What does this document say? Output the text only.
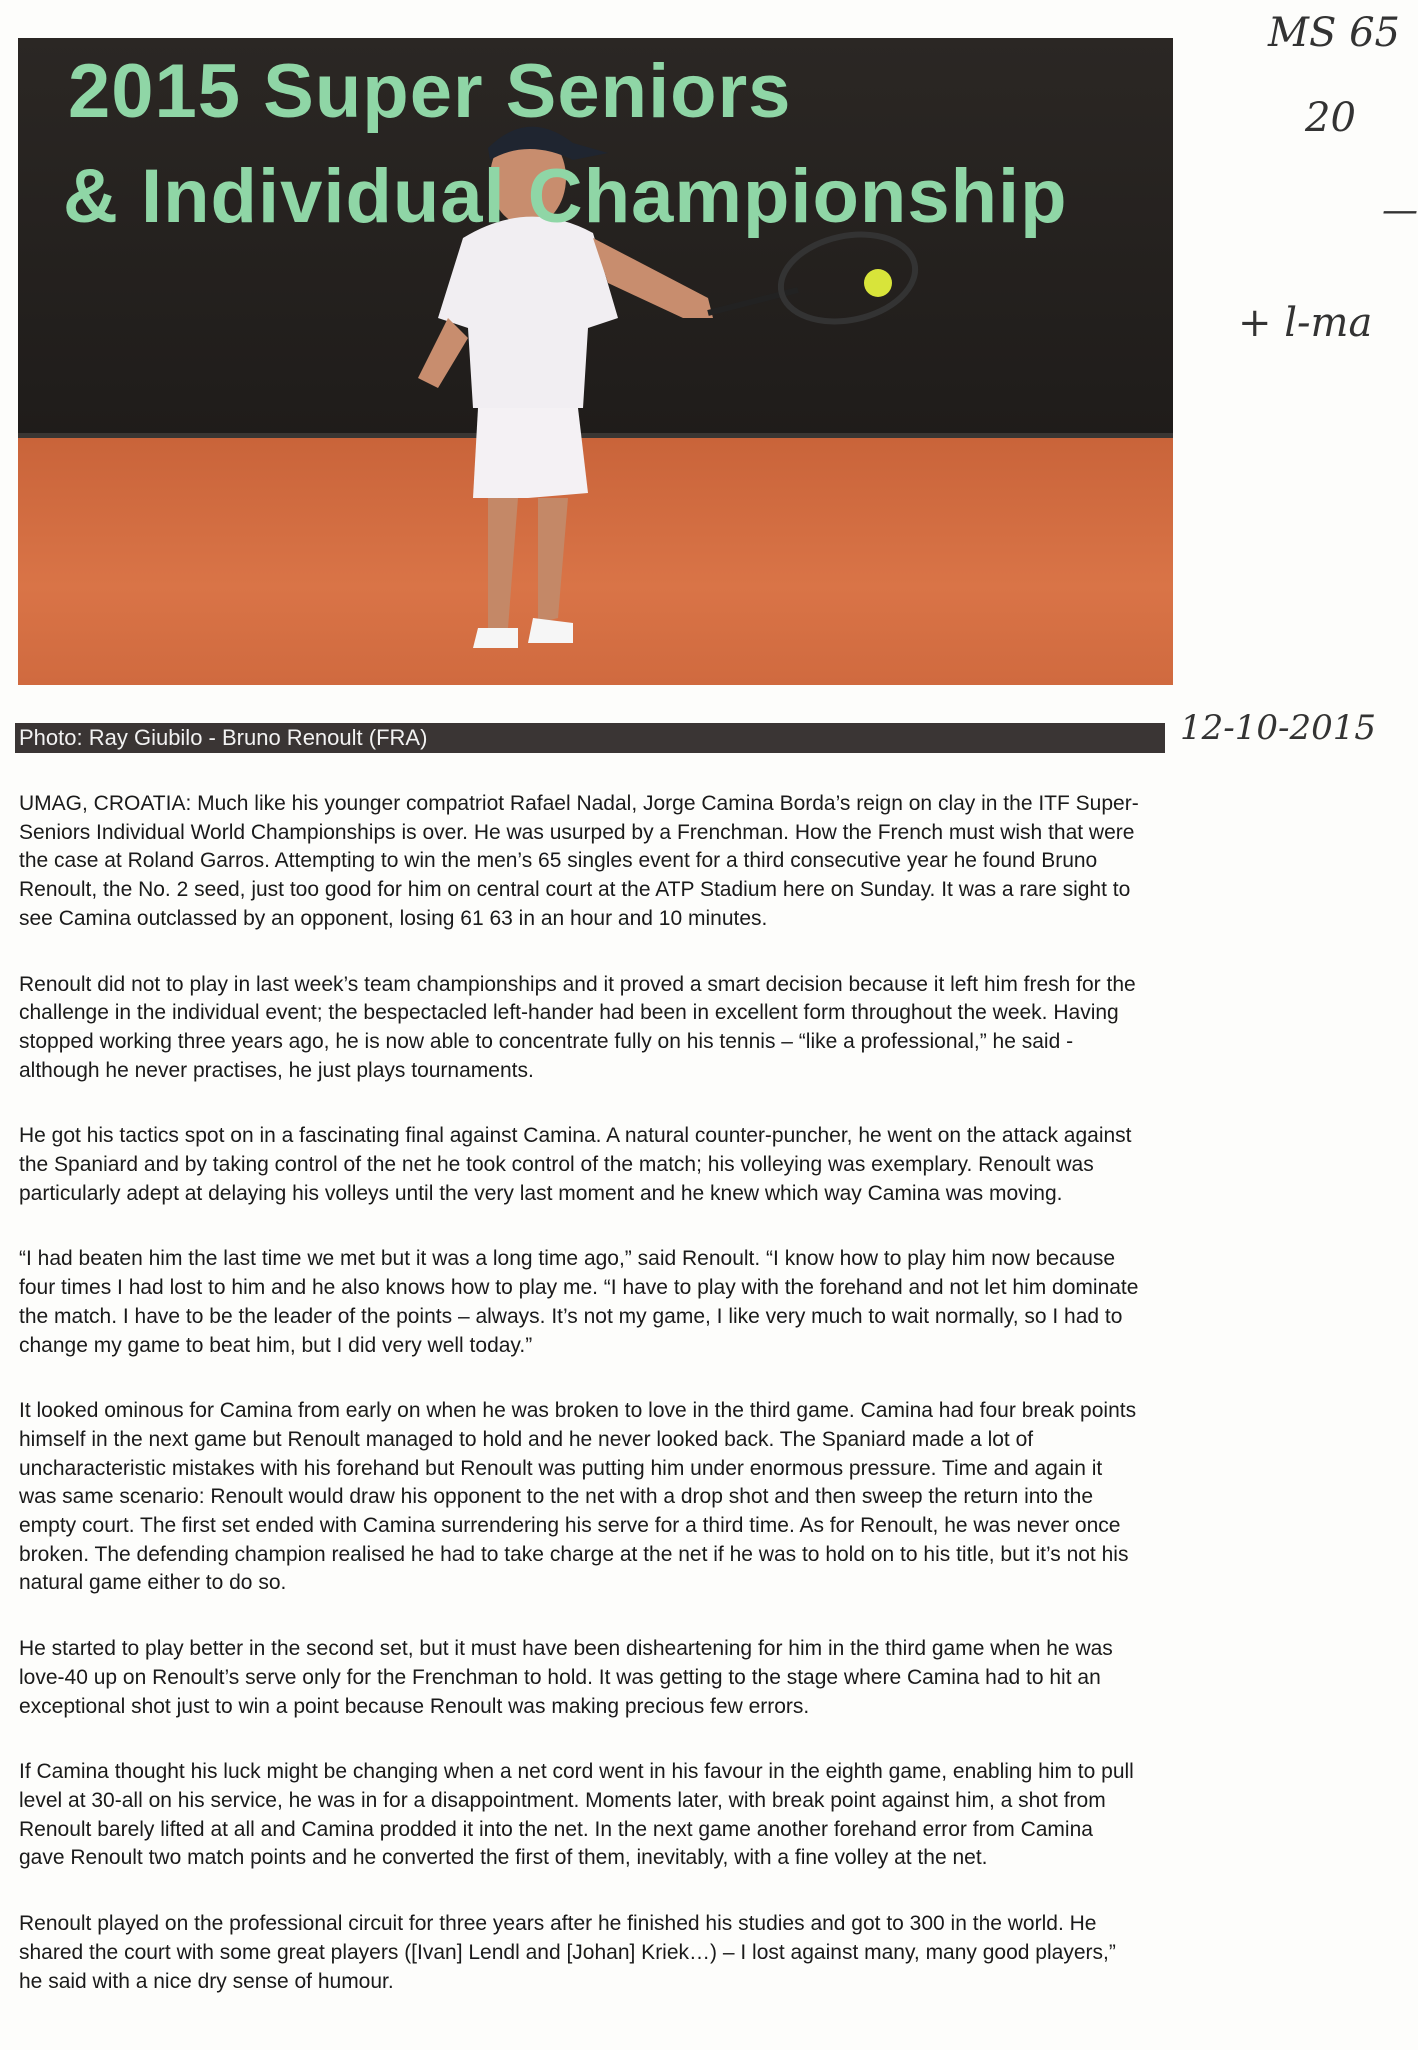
2015 Super Seniors
& Individual Championship
Photo: Ray Giubilo - Bruno Renoult (FRA)
MS 65
20
—
+ l-ma
12-10-2015

UMAG, CROATIA: Much like his younger compatriot Rafael Nadal, Jorge Camina Borda’s reign on clay in the ITF Super-
Seniors Individual World Championships is over. He was usurped by a Frenchman. How the French must wish that were
the case at Roland Garros. Attempting to win the men’s 65 singles event for a third consecutive year he found Bruno
Renoult, the No. 2 seed, just too good for him on central court at the ATP Stadium here on Sunday. It was a rare sight to
see Camina outclassed by an opponent, losing 61 63 in an hour and 10 minutes.

Renoult did not to play in last week’s team championships and it proved a smart decision because it left him fresh for the
challenge in the individual event; the bespectacled left-hander had been in excellent form throughout the week. Having
stopped working three years ago, he is now able to concentrate fully on his tennis – “like a professional,” he said -
although he never practises, he just plays tournaments.

He got his tactics spot on in a fascinating final against Camina. A natural counter-puncher, he went on the attack against
the Spaniard and by taking control of the net he took control of the match; his volleying was exemplary. Renoult was
particularly adept at delaying his volleys until the very last moment and he knew which way Camina was moving.

“I had beaten him the last time we met but it was a long time ago,” said Renoult. “I know how to play him now because
four times I had lost to him and he also knows how to play me. “I have to play with the forehand and not let him dominate
the match. I have to be the leader of the points – always. It’s not my game, I like very much to wait normally, so I had to
change my game to beat him, but I did very well today.”

It looked ominous for Camina from early on when he was broken to love in the third game. Camina had four break points
himself in the next game but Renoult managed to hold and he never looked back. The Spaniard made a lot of
uncharacteristic mistakes with his forehand but Renoult was putting him under enormous pressure. Time and again it
was same scenario: Renoult would draw his opponent to the net with a drop shot and then sweep the return into the
empty court. The first set ended with Camina surrendering his serve for a third time. As for Renoult, he was never once
broken. The defending champion realised he had to take charge at the net if he was to hold on to his title, but it’s not his
natural game either to do so.

He started to play better in the second set, but it must have been disheartening for him in the third game when he was
love-40 up on Renoult’s serve only for the Frenchman to hold. It was getting to the stage where Camina had to hit an
exceptional shot just to win a point because Renoult was making precious few errors.

If Camina thought his luck might be changing when a net cord went in his favour in the eighth game, enabling him to pull
level at 30-all on his service, he was in for a disappointment. Moments later, with break point against him, a shot from
Renoult barely lifted at all and Camina prodded it into the net. In the next game another forehand error from Camina
gave Renoult two match points and he converted the first of them, inevitably, with a fine volley at the net.

Renoult played on the professional circuit for three years after he finished his studies and got to 300 in the world. He
shared the court with some great players ([Ivan] Lendl and [Johan] Kriek…) – I lost against many, many good players,”
he said with a nice dry sense of humour.
